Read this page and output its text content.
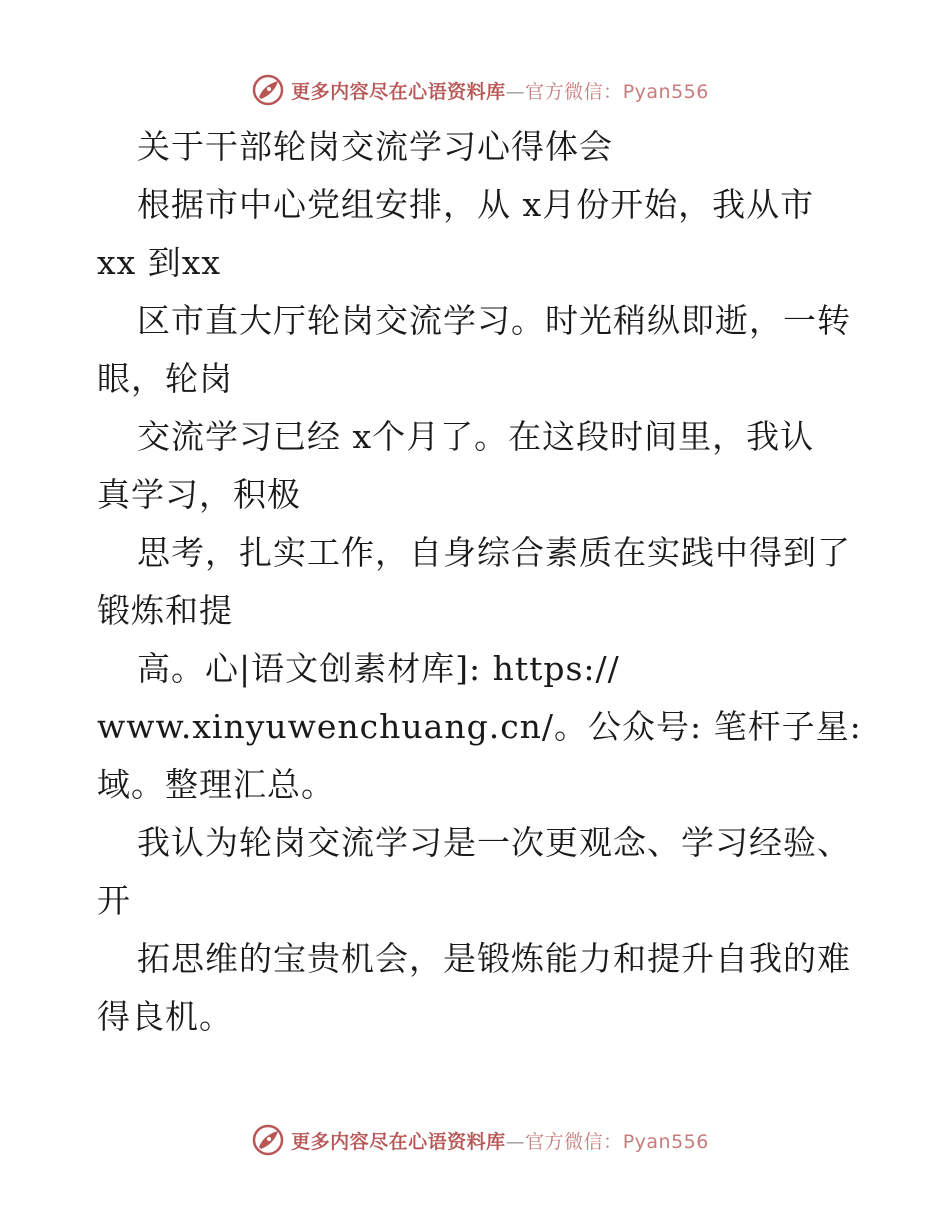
更多内容尽在心语资料库—官方微信：Pyan556
关于干部轮岗交流学习心得体会
根据市中心党组安排，从 x月份开始，我从市
xx 到xx
区市直大厅轮岗交流学习。时光稍纵即逝，一转
眼，轮岗
交流学习已经 x个月了。在这段时间里，我认
真学习，积极
思考，扎实工作，自身综合素质在实践中得到了
锻炼和提
高。心|语文创素材库]: https://
www.xinyuwenchuang.cn/。公众号: 笔杆子星:
域。整理汇总。
我认为轮岗交流学习是一次更观念、学习经验、
开
拓思维的宝贵机会，是锻炼能力和提升自我的难
得良机。
更多内容尽在心语资料库—官方微信：Pyan556
